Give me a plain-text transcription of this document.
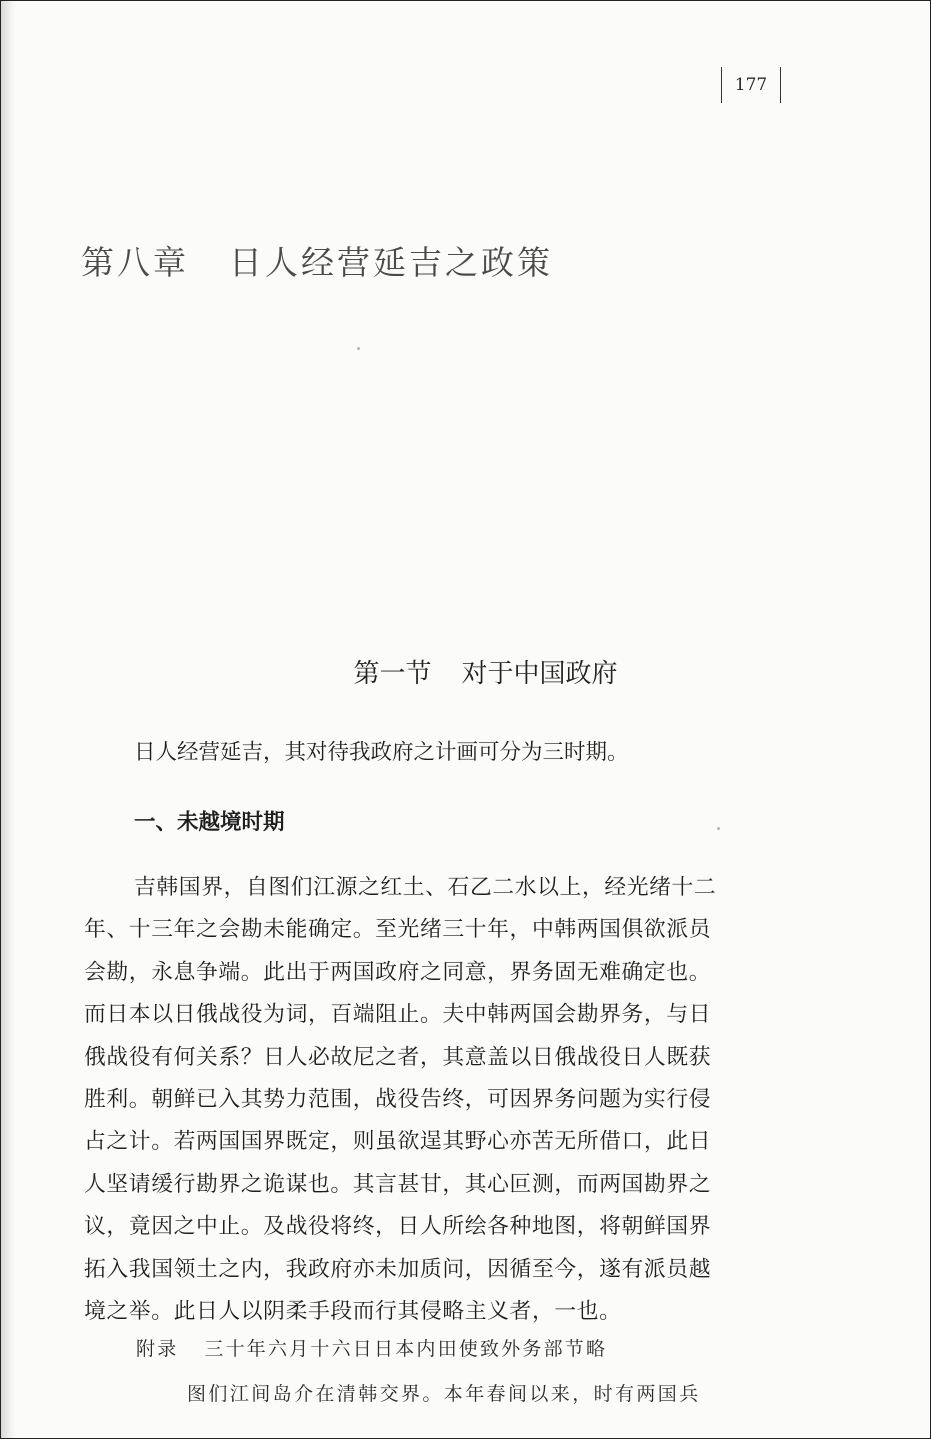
177
第八章 日人经营延吉之政策
第一节 对于中国政府

日人经营延吉，其对待我政府之计画可分为三时期。

一、未越境时期

吉韩国界，自图们江源之红土、石乙二水以上，经光绪十二
年、十三年之会勘未能确定。至光绪三十年，中韩两国俱欲派员
会勘，永息争端。此出于两国政府之同意，界务固无难确定也。
而日本以日俄战役为词，百端阻止。夫中韩两国会勘界务，与日
俄战役有何关系？日人必故尼之者，其意盖以日俄战役日人既获
胜利。朝鲜已入其势力范围，战役告终，可因界务问题为实行侵
占之计。若两国国界既定，则虽欲逞其野心亦苦无所借口，此日
人坚请缓行勘界之诡谋也。其言甚甘，其心叵测，而两国勘界之
议，竟因之中止。及战役将终，日人所绘各种地图，将朝鲜国界
拓入我国领土之内，我政府亦未加质问，因循至今，遂有派员越
境之举。此日人以阴柔手段而行其侵略主义者，一也。

附录 三十年六月十六日日本内田使致外务部节略

图们江间岛介在清韩交界。本年春间以来，时有两国兵
